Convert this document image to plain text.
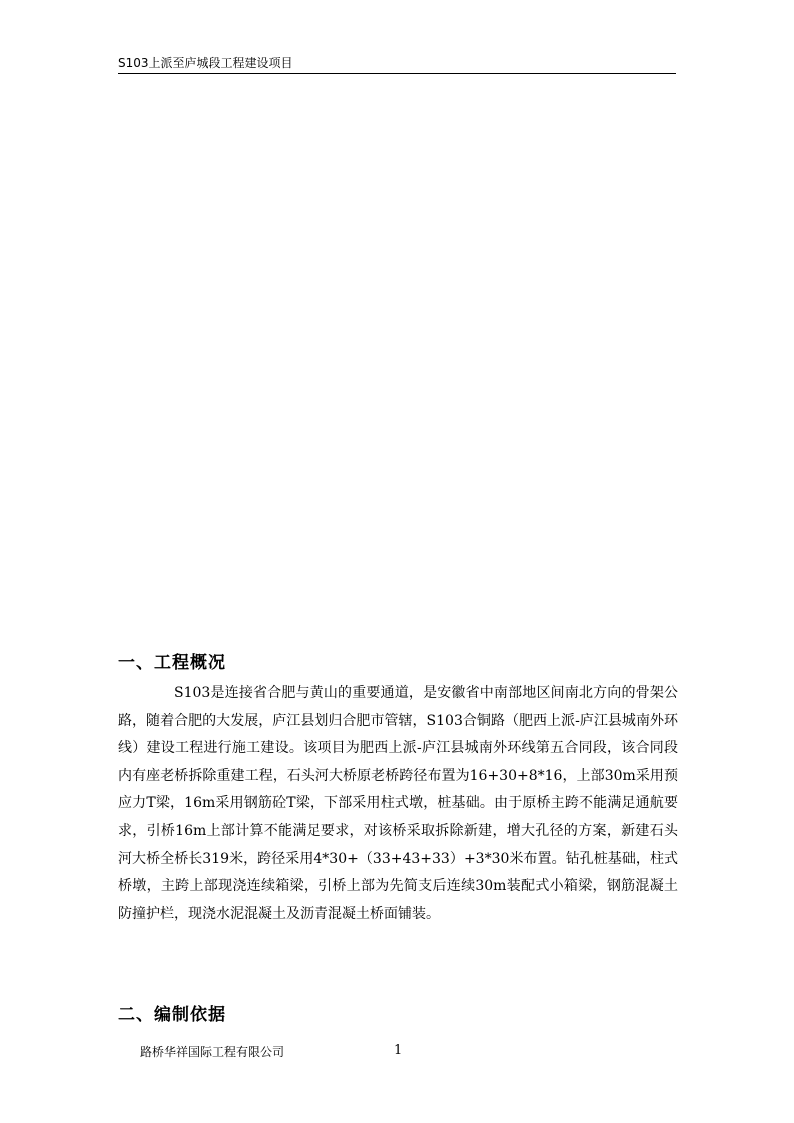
S103上派至庐城段工程建设项目
一、工程概况

S103是连接省合肥与黄山的重要通道，是安徽省中南部地区间南北方向的骨架公路，随着合肥的大发展，庐江县划归合肥市管辖，S103合铜路（肥西上派-庐江县城南外环线）建设工程进行施工建设。该项目为肥西上派-庐江县城南外环线第五合同段，该合同段内有座老桥拆除重建工程，石头河大桥原老桥跨径布置为16+30+8*16，上部30m采用预应力T梁，16m采用钢筋砼T梁，下部采用柱式墩，桩基础。由于原桥主跨不能满足通航要求，引桥16m上部计算不能满足要求，对该桥采取拆除新建，增大孔径的方案，新建石头河大桥全桥长319米，跨径采用4*30+（33+43+33）+3*30米布置。钻孔桩基础，柱式桥墩，主跨上部现浇连续箱梁，引桥上部为先简支后连续30m装配式小箱梁，钢筋混凝土防撞护栏，现浇水泥混凝土及沥青混凝土桥面铺装。

二、编制依据
路桥华祥国际工程有限公司	1
